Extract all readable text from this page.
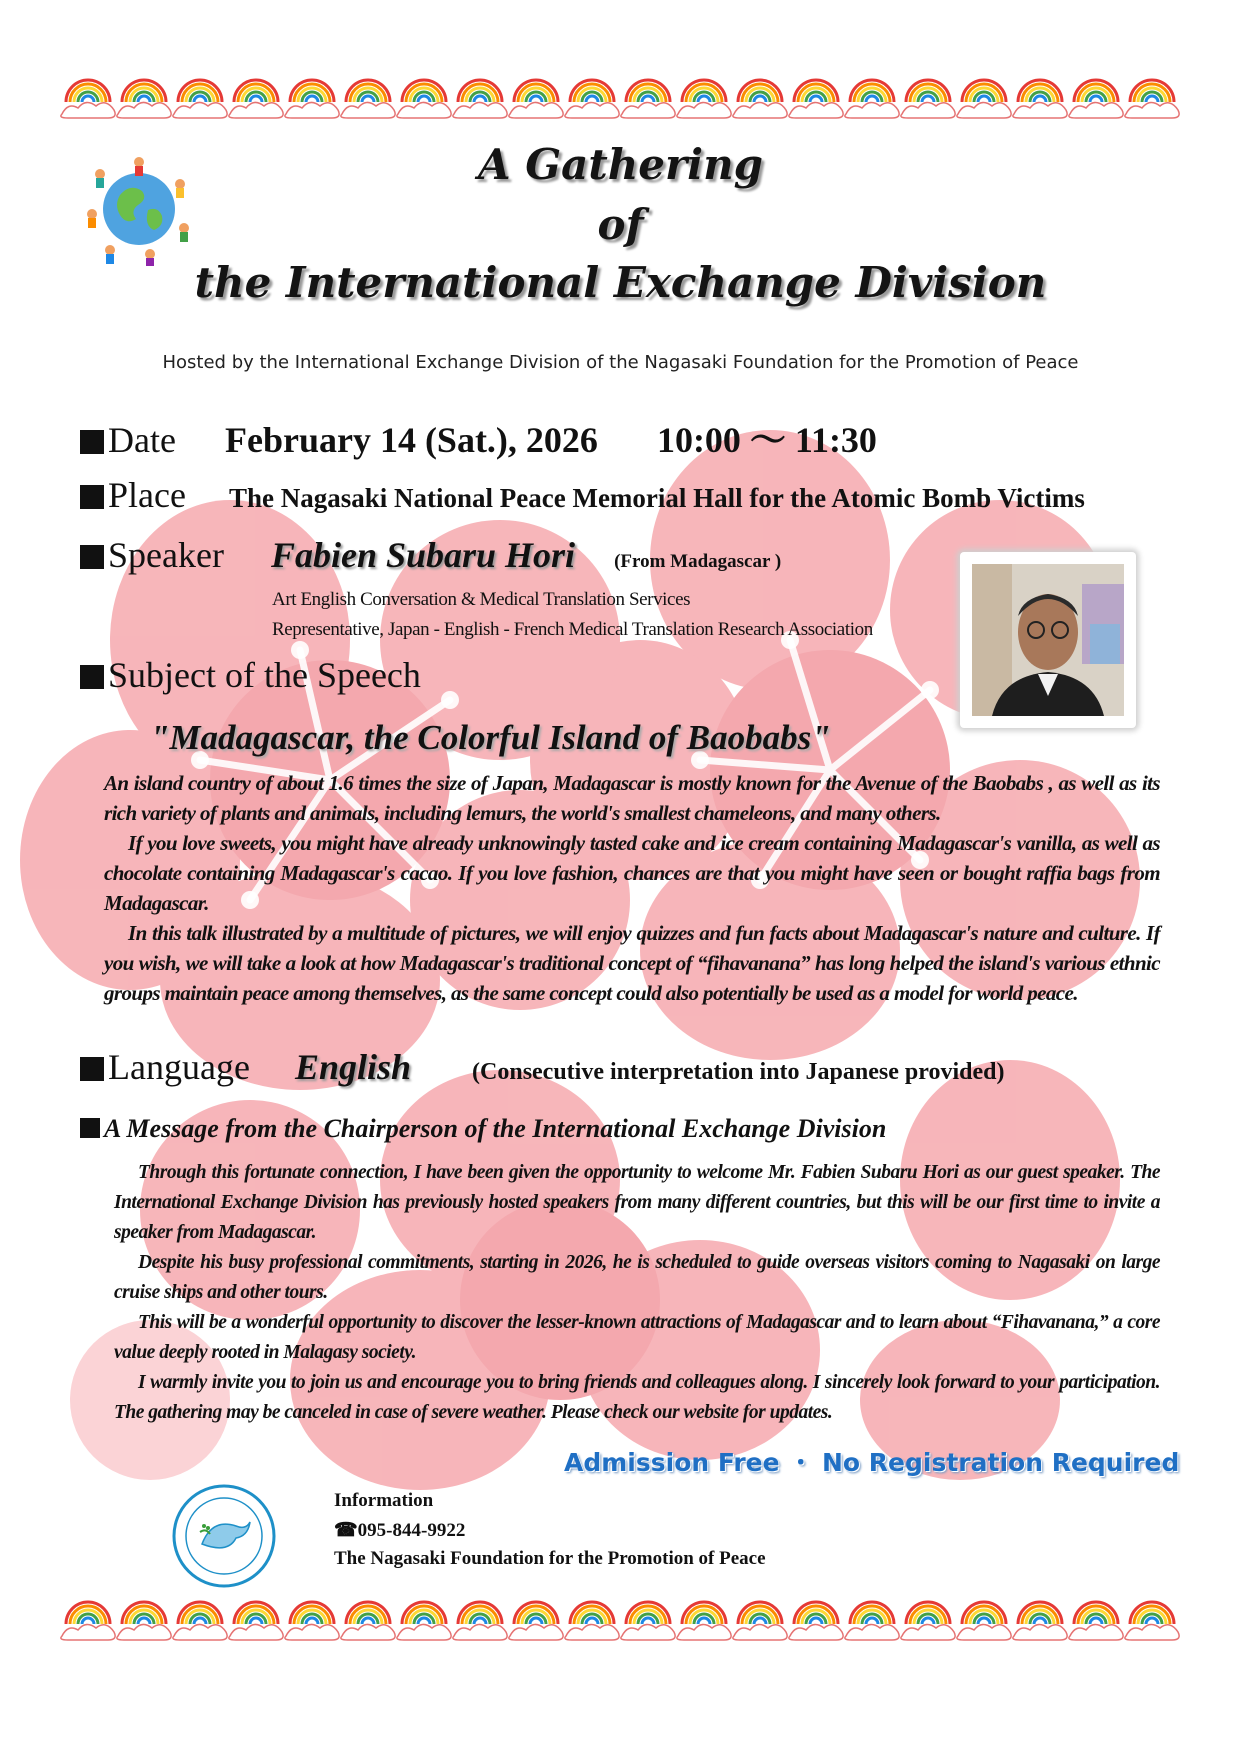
A Gathering
of
the International Exchange Division
Hosted by the International Exchange Division of the Nagasaki Foundation for the Promotion of Peace
Date February 14 (Sat.), 2026 10:00 ～ 11:30
Place The Nagasaki National Peace Memorial Hall for the Atomic Bomb Victims
Speaker Fabien Subaru Hori (From Madagascar )
Art English Conversation & Medical Translation Services
Representative, Japan - English - French Medical Translation Research Association
Subject of the Speech
"Madagascar, the Colorful Island of Baobabs"

An island country of about 1.6 times the size of Japan, Madagascar is mostly known for the Avenue of the Baobabs , as well as its rich variety of plants and animals, including lemurs, the world's smallest chameleons, and many others.

If you love sweets, you might have already unknowingly tasted cake and ice cream containing Madagascar's vanilla, as well as chocolate containing Madagascar's cacao. If you love fashion, chances are that you might have seen or bought raffia bags from Madagascar.

In this talk illustrated by a multitude of pictures, we will enjoy quizzes and fun facts about Madagascar's nature and culture. If you wish, we will take a look at how Madagascar's traditional concept of “fihavanana” has long helped the island's various ethnic groups maintain peace among themselves, as the same concept could also potentially be used as a model for world peace.

Language English	(Consecutive interpretation into Japanese provided)
A Message from the Chairperson of the International Exchange Division

Through this fortunate connection, I have been given the opportunity to welcome Mr. Fabien Subaru Hori as our guest speaker. The International Exchange Division has previously hosted speakers from many different countries, but this will be our first time to invite a speaker from Madagascar.

Despite his busy professional commitments, starting in 2026, he is scheduled to guide overseas visitors coming to Nagasaki on large cruise ships and other tours.

This will be a wonderful opportunity to discover the lesser-known attractions of Madagascar and to learn about “Fihavanana,” a core value deeply rooted in Malagasy society.

I warmly invite you to join us and encourage you to bring friends and colleagues along. I sincerely look forward to your participation. The gathering may be canceled in case of severe weather. Please check our website for updates.

Admission Free ・ No Registration Required
Information
☎095-844-9922
The Nagasaki Foundation for the Promotion of Peace
